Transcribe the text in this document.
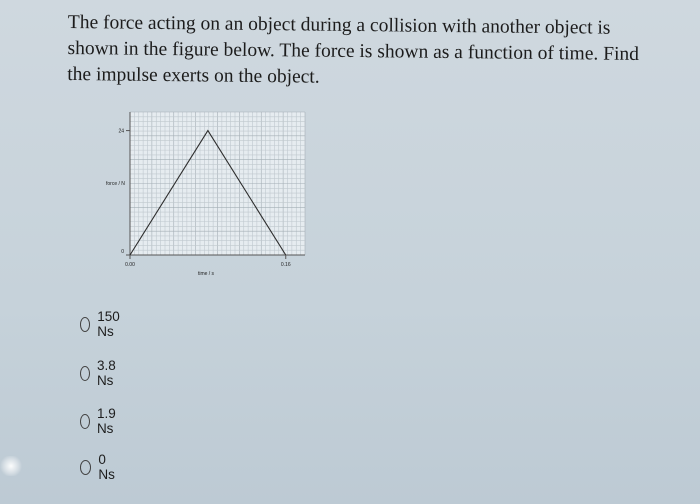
The force acting on an object during a collision with another object is
shown in the figure below. The force is shown as a function of time. Find
the impulse exerts on the object.
24
0
0.00	0.16
force / N
time / s
150 Ns
3.8 Ns
1.9 Ns
0 Ns
